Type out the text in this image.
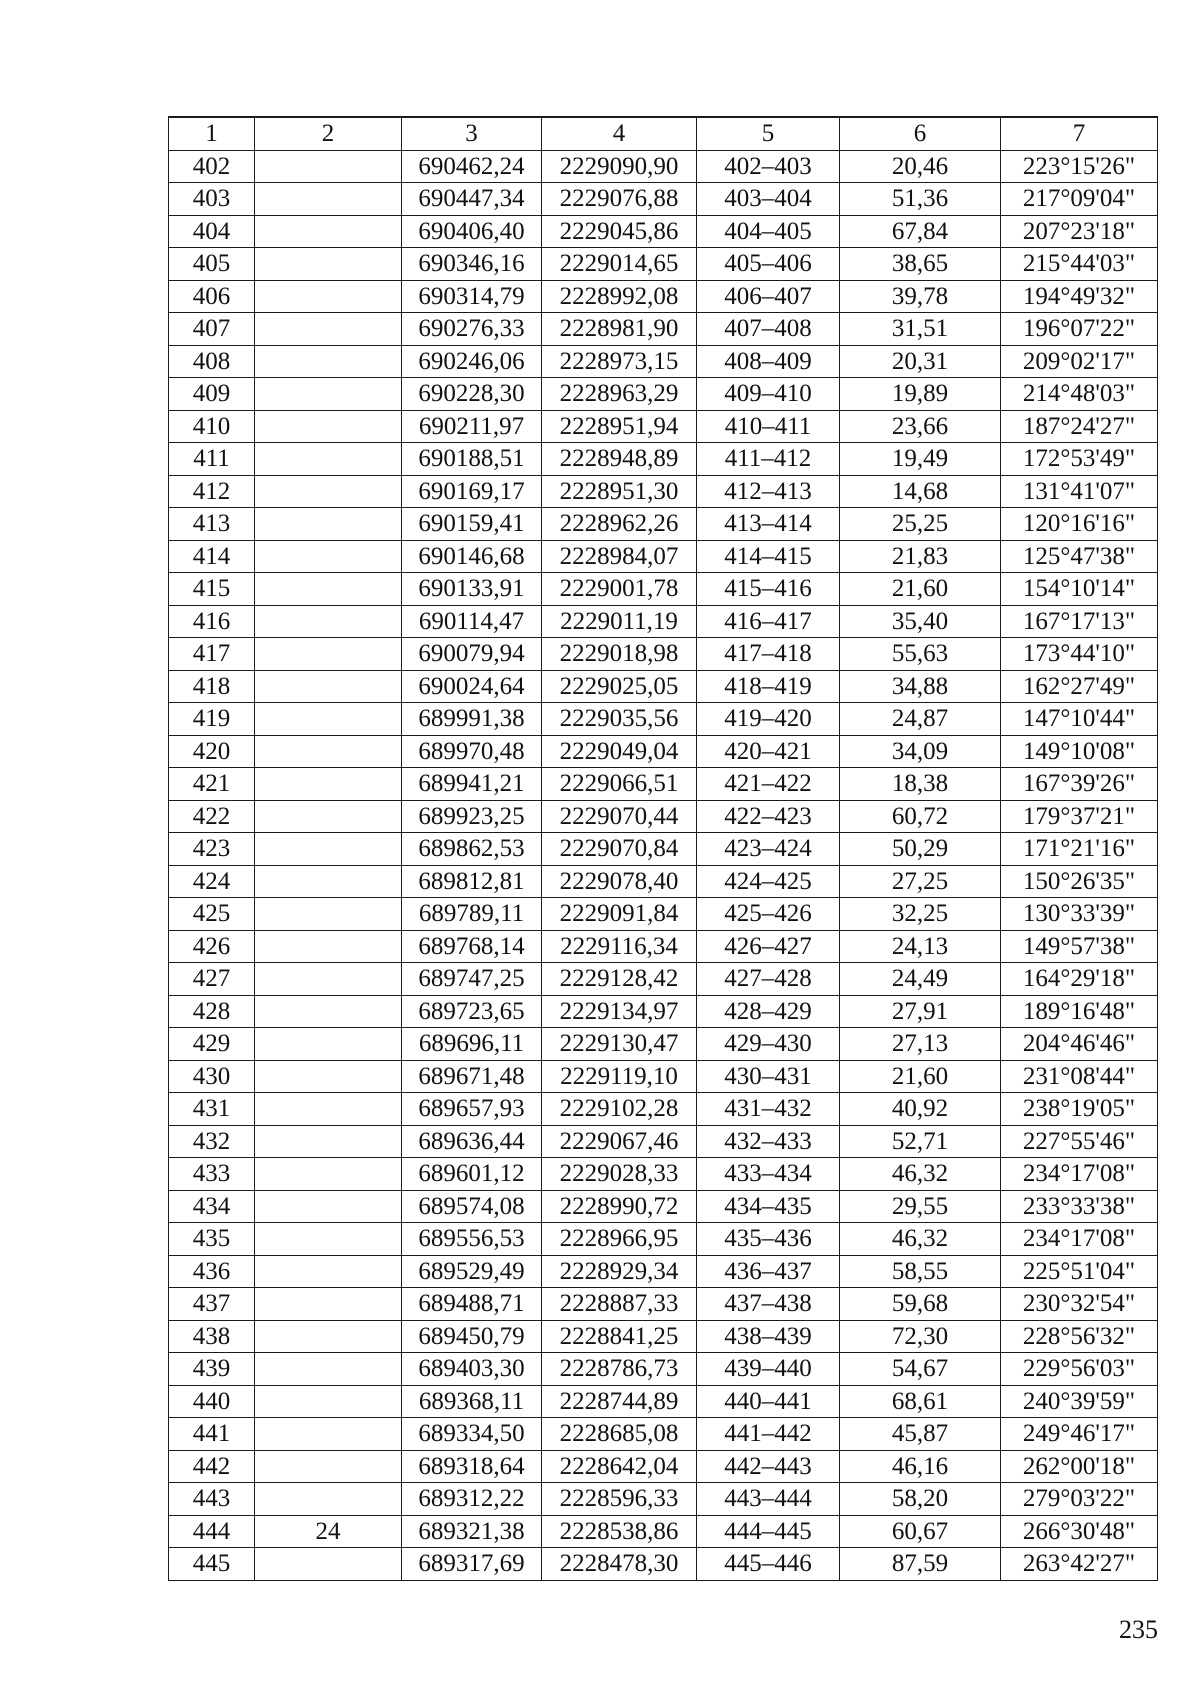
1	2	3	4	5	6	7
402		690462,24	2229090,90	402–403	20,46	223°15'26"
403		690447,34	2229076,88	403–404	51,36	217°09'04"
404		690406,40	2229045,86	404–405	67,84	207°23'18"
405		690346,16	2229014,65	405–406	38,65	215°44'03"
406		690314,79	2228992,08	406–407	39,78	194°49'32"
407		690276,33	2228981,90	407–408	31,51	196°07'22"
408		690246,06	2228973,15	408–409	20,31	209°02'17"
409		690228,30	2228963,29	409–410	19,89	214°48'03"
410		690211,97	2228951,94	410–411	23,66	187°24'27"
411		690188,51	2228948,89	411–412	19,49	172°53'49"
412		690169,17	2228951,30	412–413	14,68	131°41'07"
413		690159,41	2228962,26	413–414	25,25	120°16'16"
414		690146,68	2228984,07	414–415	21,83	125°47'38"
415		690133,91	2229001,78	415–416	21,60	154°10'14"
416		690114,47	2229011,19	416–417	35,40	167°17'13"
417		690079,94	2229018,98	417–418	55,63	173°44'10"
418		690024,64	2229025,05	418–419	34,88	162°27'49"
419		689991,38	2229035,56	419–420	24,87	147°10'44"
420		689970,48	2229049,04	420–421	34,09	149°10'08"
421		689941,21	2229066,51	421–422	18,38	167°39'26"
422		689923,25	2229070,44	422–423	60,72	179°37'21"
423		689862,53	2229070,84	423–424	50,29	171°21'16"
424		689812,81	2229078,40	424–425	27,25	150°26'35"
425		689789,11	2229091,84	425–426	32,25	130°33'39"
426		689768,14	2229116,34	426–427	24,13	149°57'38"
427		689747,25	2229128,42	427–428	24,49	164°29'18"
428		689723,65	2229134,97	428–429	27,91	189°16'48"
429		689696,11	2229130,47	429–430	27,13	204°46'46"
430		689671,48	2229119,10	430–431	21,60	231°08'44"
431		689657,93	2229102,28	431–432	40,92	238°19'05"
432		689636,44	2229067,46	432–433	52,71	227°55'46"
433		689601,12	2229028,33	433–434	46,32	234°17'08"
434		689574,08	2228990,72	434–435	29,55	233°33'38"
435		689556,53	2228966,95	435–436	46,32	234°17'08"
436		689529,49	2228929,34	436–437	58,55	225°51'04"
437		689488,71	2228887,33	437–438	59,68	230°32'54"
438		689450,79	2228841,25	438–439	72,30	228°56'32"
439		689403,30	2228786,73	439–440	54,67	229°56'03"
440		689368,11	2228744,89	440–441	68,61	240°39'59"
441		689334,50	2228685,08	441–442	45,87	249°46'17"
442		689318,64	2228642,04	442–443	46,16	262°00'18"
443		689312,22	2228596,33	443–444	58,20	279°03'22"
444	24	689321,38	2228538,86	444–445	60,67	266°30'48"
445		689317,69	2228478,30	445–446	87,59	263°42'27"
235
